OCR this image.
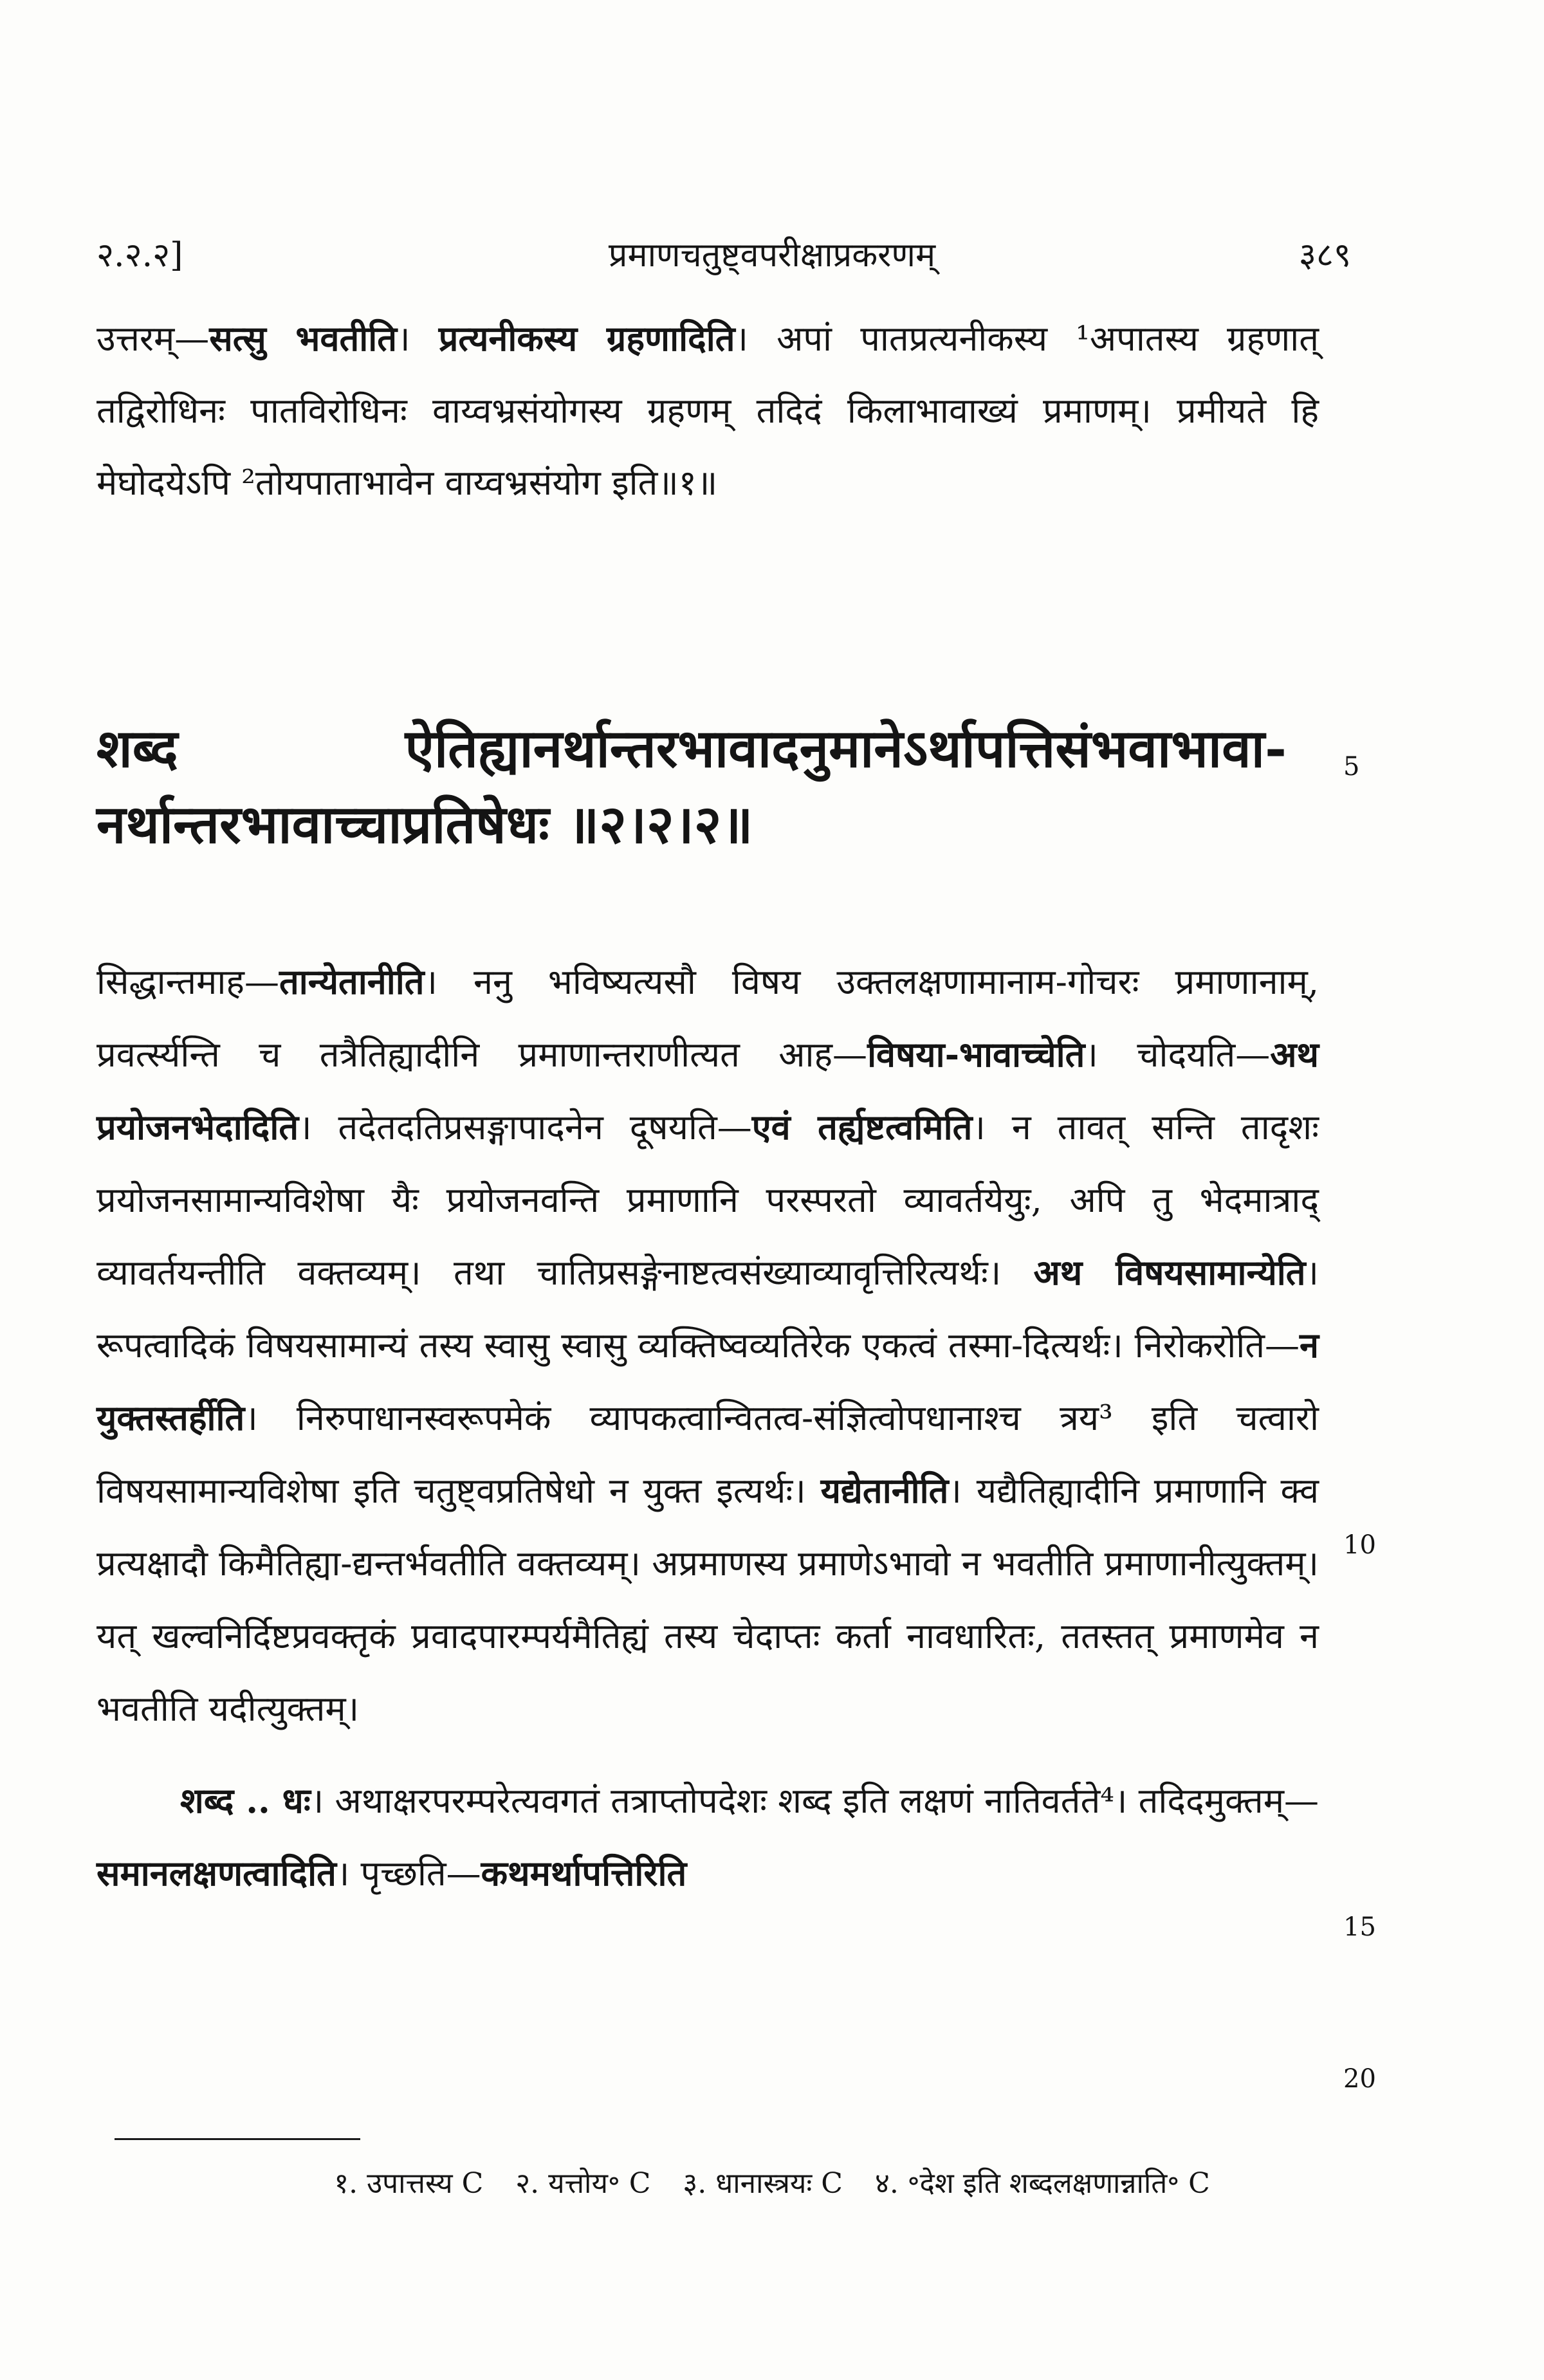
२.२.२]	प्रमाणचतुष्ट्वपरीक्षाप्रकरणम्	३८९
उत्तरम्—सत्सु भवतीति। प्रत्यनीकस्य ग्रहणादिति। अपां पातप्रत्यनीकस्य ¹अपातस्य ग्रहणात् तद्विरोधिनः पातविरोधिनः वाय्वभ्रसंयोगस्य ग्रहणम् तदिदं किलाभावाख्यं प्रमाणम्। प्रमीयते हि मेघोदयेऽपि ²तोयपाताभावेन वाय्वभ्रसंयोग इति॥१॥
शब्द ऐतिह्यानर्थान्तरभावादनुमानेऽर्थापत्तिसंभवाभावा-नर्थान्तरभावाच्चाप्रतिषेधः ॥२।२।२॥

सिद्धान्तमाह—तान्येतानीति। ननु भविष्यत्यसौ विषय उक्तलक्षणामानाम-गोचरः प्रमाणानाम्, प्रवर्त्स्यन्ति च तत्रैतिह्यादीनि प्रमाणान्तराणीत्यत आह—विषया-भावाच्चेति। चोदयति—अथ प्रयोजनभेदादिति। तदेतदतिप्रसङ्गापादनेन दूषयति—एवं तर्ह्यष्टत्वमिति। न तावत् सन्ति तादृशः प्रयोजनसामान्यविशेषा यैः प्रयोजनवन्ति प्रमाणानि परस्परतो व्यावर्तयेयुः, अपि तु भेदमात्राद् व्यावर्तयन्तीति वक्तव्यम्। तथा चातिप्रसङ्गेनाष्टत्वसंख्याव्यावृत्तिरित्यर्थः। अथ विषयसामान्येति। रूपत्वादिकं विषयसामान्यं तस्य स्वासु स्वासु व्यक्तिष्वव्यतिरेक एकत्वं तस्मा-दित्यर्थः। निरोकरोति—न युक्तस्तर्हीति। निरुपाधानस्वरूपमेकं व्यापकत्वान्वितत्व-संज्ञित्वोपधानाश्च त्रय³ इति चत्वारो विषयसामान्यविशेषा इति चतुष्ट्वप्रतिषेधो न युक्त इत्यर्थः। यद्येतानीति। यद्यैतिह्यादीनि प्रमाणानि क्व प्रत्यक्षादौ किमैतिह्या-द्यन्तर्भवतीति वक्तव्यम्। अप्रमाणस्य प्रमाणेऽभावो न भवतीति प्रमाणानीत्युक्तम्। यत् खल्वनिर्दिष्टप्रवक्तृकं प्रवादपारम्पर्यमैतिह्यं तस्य चेदाप्तः कर्ता नावधारितः, ततस्तत् प्रमाणमेव न भवतीति यदीत्युक्तम्।

शब्द .. धः। अथाक्षरपरम्परेत्यवगतं तत्राप्तोपदेशः शब्द इति लक्षणं नातिवर्तते⁴। तदिदमुक्तम्—समानलक्षणत्वादिति। पृच्छति—कथमर्थापत्तिरिति

5
10
15
20
१. उपात्तस्य C २. यत्तोय॰ C ३. धानास्त्रयः C ४. ॰देश इति शब्दलक्षणान्नाति॰ C
